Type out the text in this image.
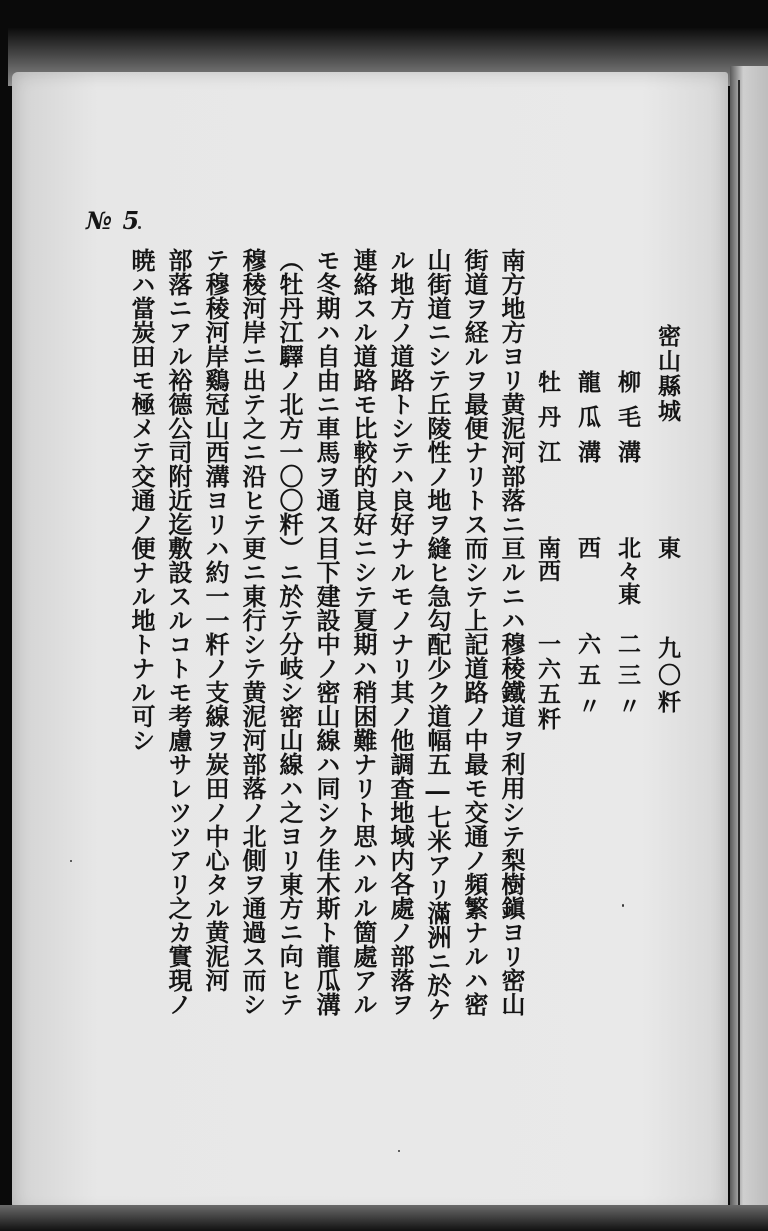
№ 5
密山縣城
東
九〇粁
柳毛溝
北々東
二三〃
龍瓜溝
西
六五〃
牡丹江
南西
一六五粁
南方地方ヨリ黄泥河部落ニ亘ルニハ穆稜鐵道ヲ利用シテ梨樹鎭ヨリ密山
街道ヲ経ルヲ最便ナリトス而シテ上記道路ノ中最モ交通ノ頻繁ナルハ密
山街道ニシテ丘陵性ノ地ヲ縫ヒ急勾配少ク道幅五―七米アリ滿洲ニ於ケ
ル地方ノ道路トシテハ良好ナルモノナリ其ノ他調査地域内各處ノ部落ヲ
連絡スル道路モ比較的良好ニシテ夏期ハ稍困難ナリト思ハルル箇處アル
モ冬期ハ自由ニ車馬ヲ通ス目下建設中ノ密山線ハ同シク佳木斯ト龍瓜溝
（牡丹江驛ノ北方一〇〇粁）ニ於テ分岐シ密山線ハ之ヨリ東方ニ向ヒテ
穆稜河岸ニ出テ之ニ沿ヒテ更ニ東行シテ黄泥河部落ノ北側ヲ通過ス而シ
テ穆稜河岸鷄冠山西溝ヨリハ約一一粁ノ支線ヲ炭田ノ中心タル黄泥河
部落ニアル裕德公司附近迄敷設スルコトモ考慮サレツツアリ之カ實現ノ
暁ハ當炭田モ極メテ交通ノ便ナル地トナル可シ
